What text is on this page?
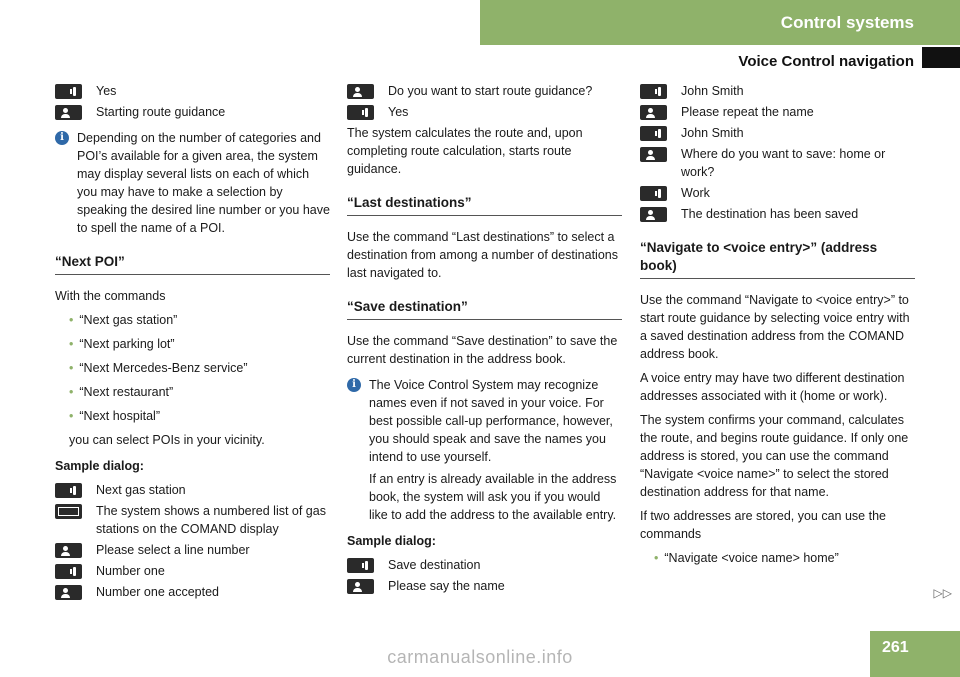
Control systems
Voice Control navigation
Yes
Starting route guidance
i	Depending on the number of categories and POI’s available for a given area, the system may display several lists on each of which you may have to make a selection by speaking the desired line number or you have to spell the name of a POI.
“Next POI”

With the commands

• “Next gas station”
• “Next parking lot”
• “Next Mercedes-Benz service”
• “Next restaurant”
• “Next hospital”

you can select POIs in your vicinity.

Sample dialog:

Next gas station
The system shows a numbered list of gas stations on the COMAND display
Please select a line number
Number one
Number one accepted
Do you want to start route guidance?
Yes

The system calculates the route and, upon completing route calculation, starts route guidance.

“Last destinations”

Use the command “Last destinations” to select a destination from among a number of destinations last navigated to.

“Save destination”

Use the command “Save destination” to save the current destination in the address book.

i	The Voice Control System may recognize names even if not saved in your voice. For best possible call-up performance, however, you should speak and save the names you intend to use yourself.
If an entry is already available in the address book, the system will ask you if you would like to add the address to the available entry.

Sample dialog:

Save destination
Please say the name
John Smith
Please repeat the name
John Smith
Where do you want to save: home or work?
Work
The destination has been saved
“Navigate to <voice entry>” (address book)

Use the command “Navigate to <voice entry>” to start route guidance by selecting voice entry with a saved destination address from the COMAND address book.

A voice entry may have two different destination addresses associated with it (home or work).

The system confirms your command, calculates the route, and begins route guidance. If only one address is stored, you can use the command “Navigate <voice name>” to select the stored destination address for that name.

If two addresses are stored, you can use the commands

• “Navigate <voice name> home”
▷▷
261
carmanualsonline.info
